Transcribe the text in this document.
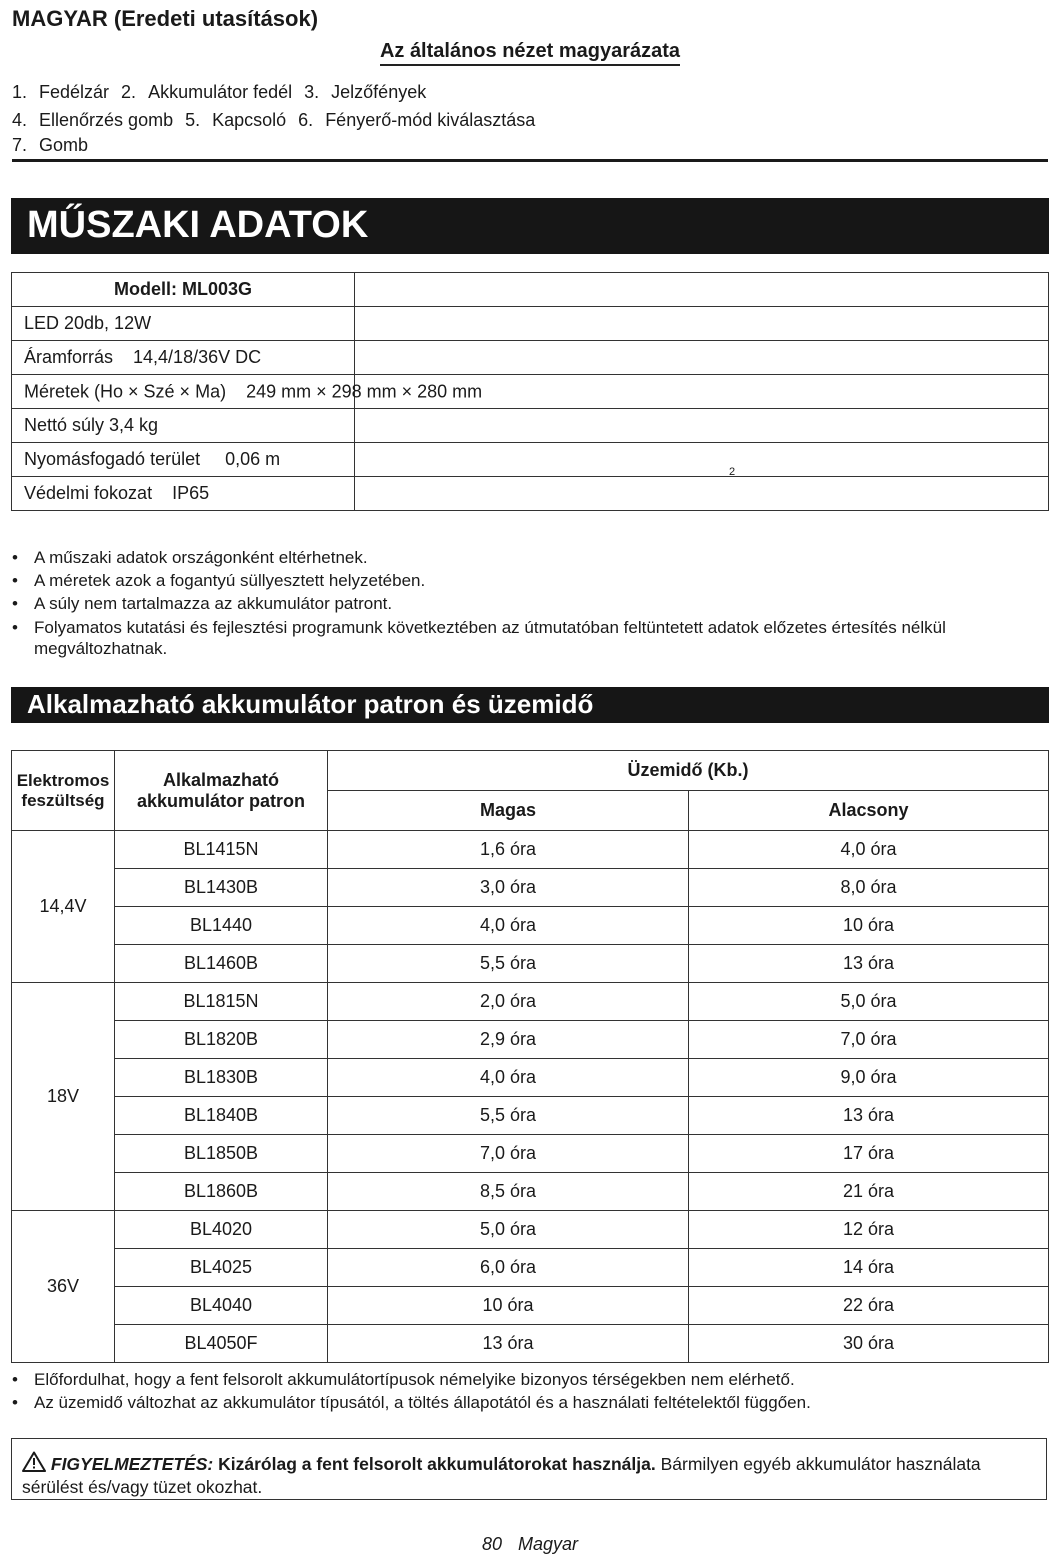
MAGYAR (Eredeti utasítások)
Az általános nézet magyarázata
1. Fedélzár 2. Akkumulátor fedél 3. Jelzőfények
4. Ellenőrzés gomb 5. Kapcsoló 6. Fényerő-mód kiválasztása
7. Gomb
MŰSZAKI ADATOK
Modell: ML003G	
LED 20db, 12W	
Áramforrás    14,4/18/36V DC	

Méretek (Ho × Szé × Ma)    249 mm × 298 mm × 280 mm	

Nettó súly 3,4 kg	
Nyomásfogadó terület     0,06 m	
Védelmi fokozat    IP65	
2
• A műszaki adatok országonként eltérhetnek.
• A méretek azok a fogantyú süllyesztett helyzetében.
• A súly nem tartalmazza az akkumulátor patront.
• Folyamatos kutatási és fejlesztési programunk következtében az útmutatóban feltüntetett adatok előzetes értesítés nélkül megváltozhatnak.
Alkalmazható akkumulátor patron és üzemidő
Elektromos feszültség	Alkalmazható akkumulátor patron	Üzemidő (Kb.)	
		Magas	Alacsony
14,4V	BL1415N	1,6 óra	4,0 óra
	BL1430B	3,0 óra	8,0 óra
	BL1440	4,0 óra	10 óra
	BL1460B	5,5 óra	13 óra
18V	BL1815N	2,0 óra	5,0 óra
	BL1820B	2,9 óra	7,0 óra
	BL1830B	4,0 óra	9,0 óra
	BL1840B	5,5 óra	13 óra
	BL1850B	7,0 óra	17 óra
	BL1860B	8,5 óra	21 óra
36V	BL4020	5,0 óra	12 óra
	BL4025	6,0 óra	14 óra
	BL4040	10 óra	22 óra
	BL4050F	13 óra	30 óra
• Előfordulhat, hogy a fent felsorolt akkumulátortípusok némelyike bizonyos térségekben nem elérhető.
• Az üzemidő változhat az akkumulátor típusától, a töltés állapotától és a használati feltételektől függően.
FIGYELMEZTETÉS: Kizárólag a fent felsorolt akkumulátorokat használja. Bármilyen egyéb akkumulátor használata sérülést és/vagy tüzet okozhat.
80 Magyar
